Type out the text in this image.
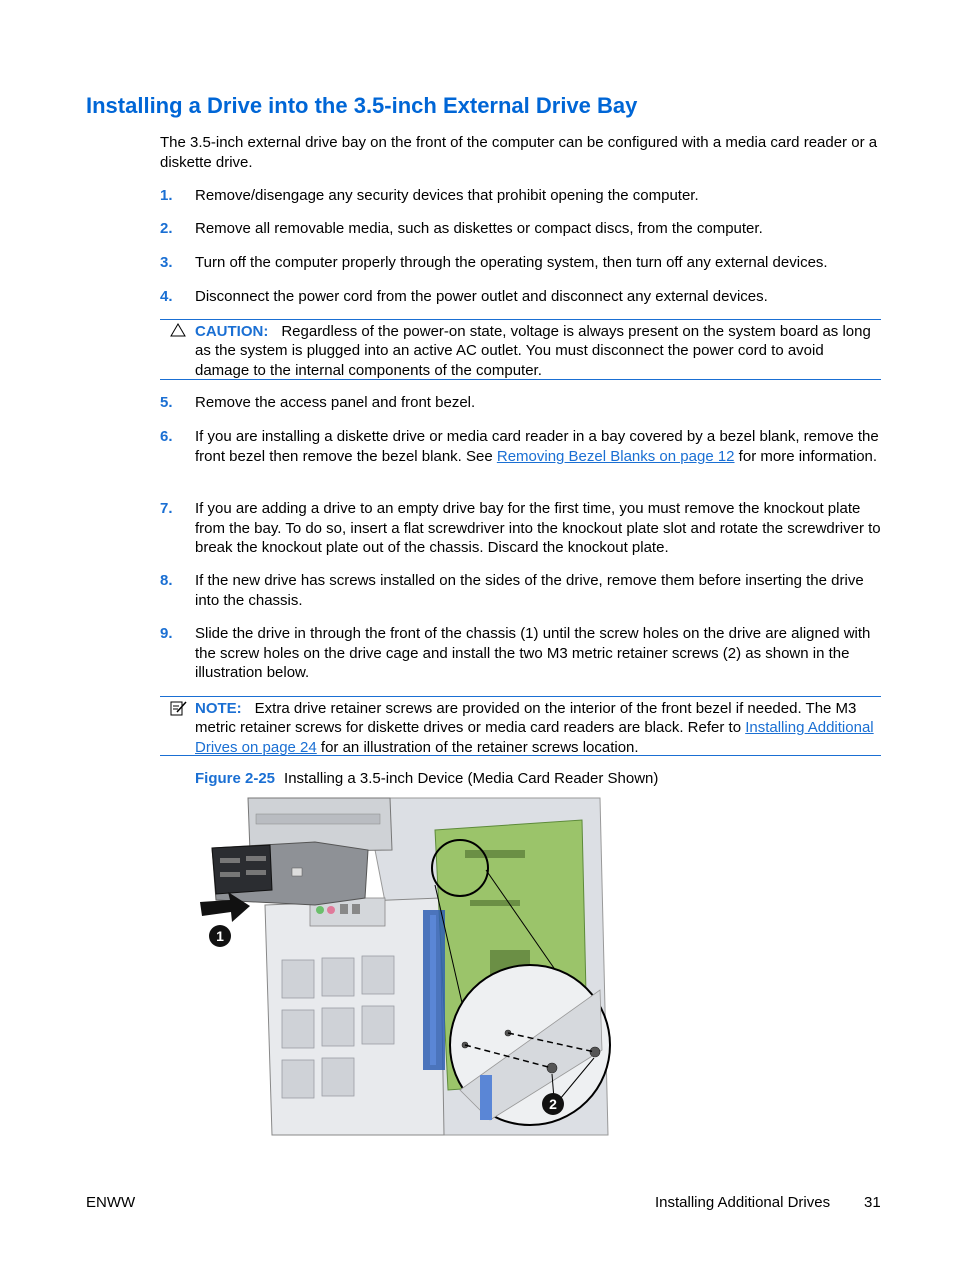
Installing a Drive into the 3.5-inch External Drive Bay

The 3.5-inch external drive bay on the front of the computer can be configured with a media card reader or a diskette drive.

1. Remove/disengage any security devices that prohibit opening the computer.
2. Remove all removable media, such as diskettes or compact discs, from the computer.
3. Turn off the computer properly through the operating system, then turn off any external devices.
4. Disconnect the power cord from the power outlet and disconnect any external devices.
CAUTION: Regardless of the power-on state, voltage is always present on the system board as long as the system is plugged into an active AC outlet. You must disconnect the power cord to avoid damage to the internal components of the computer.
5. Remove the access panel and front bezel.
6. If you are installing a diskette drive or media card reader in a bay covered by a bezel blank, remove the front bezel then remove the bezel blank. See Removing Bezel Blanks on page 12 for more information.
7. If you are adding a drive to an empty drive bay for the first time, you must remove the knockout plate from the bay. To do so, insert a flat screwdriver into the knockout plate slot and rotate the screwdriver to break the knockout plate out of the chassis. Discard the knockout plate.
8. If the new drive has screws installed on the sides of the drive, remove them before inserting the drive into the chassis.
9. Slide the drive in through the front of the chassis (1) until the screw holes on the drive are aligned with the screw holes on the drive cage and install the two M3 metric retainer screws (2) as shown in the illustration below.
NOTE: Extra drive retainer screws are provided on the interior of the front bezel if needed. The M3 metric retainer screws for diskette drives or media card readers are black. Refer to Installing Additional Drives on page 24 for an illustration of the retainer screws location.
Figure 2-25 Installing a 3.5-inch Device (Media Card Reader Shown)
1
2
ENWW	Installing Additional Drives 31
